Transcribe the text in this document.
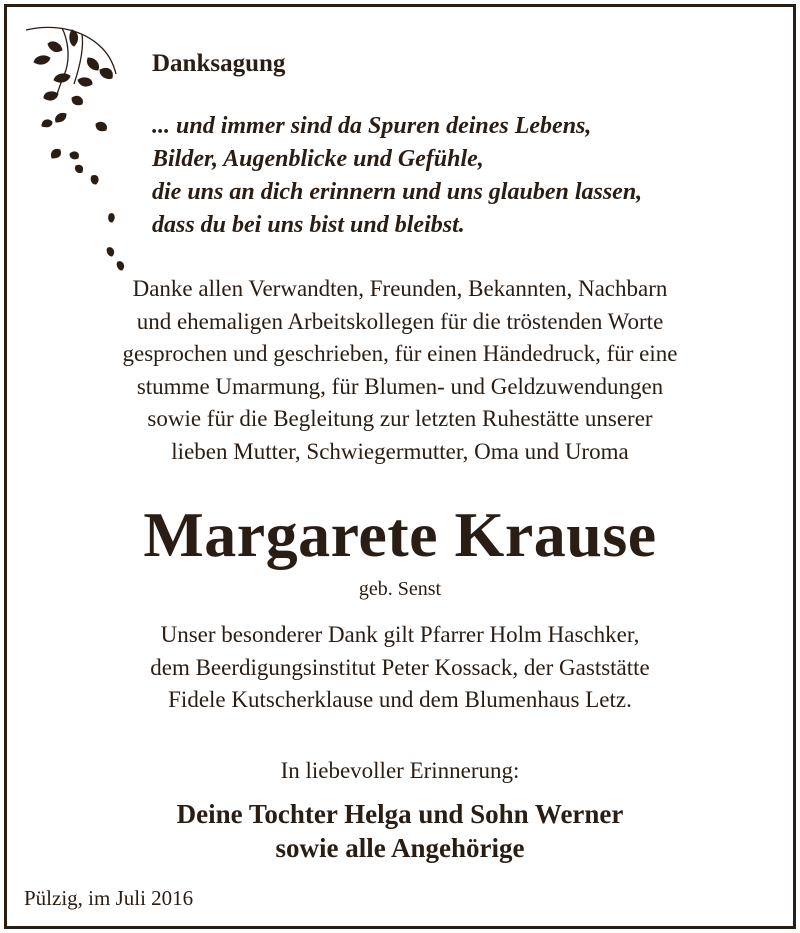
Danksagung
... und immer sind da Spuren deines Lebens,
Bilder, Augenblicke und Gefühle,
die uns an dich erinnern und uns glauben lassen,
dass du bei uns bist und bleibst.
Danke allen Verwandten, Freunden, Bekannten, Nachbarn
und ehemaligen Arbeitskollegen für die tröstenden Worte
gesprochen und geschrieben, für einen Händedruck, für eine
stumme Umarmung, für Blumen- und Geldzuwendungen
sowie für die Begleitung zur letzten Ruhestätte unserer
lieben Mutter, Schwiegermutter, Oma und Uroma
Margarete Krause
geb. Senst
Unser besonderer Dank gilt Pfarrer Holm Haschker,
dem Beerdigungsinstitut Peter Kossack, der Gaststätte
Fidele Kutscherklause und dem Blumenhaus Letz.
In liebevoller Erinnerung:
Deine Tochter Helga und Sohn Werner
sowie alle Angehörige
Pülzig, im Juli 2016
